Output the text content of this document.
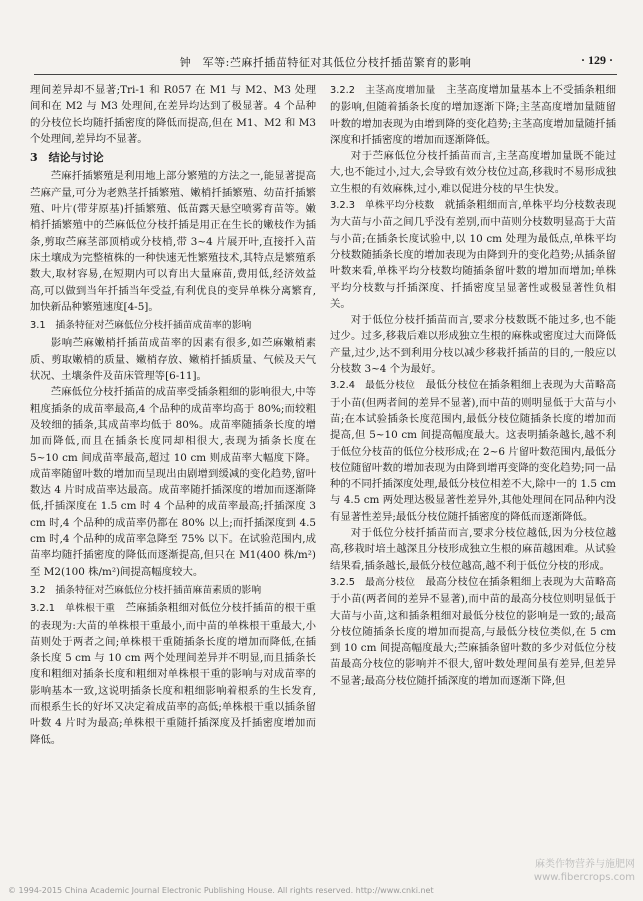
钟　军等:苎麻扦插苗特征对其低位分枝扦插苗繁育的影响	· 129 ·

理间差异却不显著;Tri-1 和 R057 在 M1 与 M2、M3 处理间和在 M2 与 M3 处理间,在差异均达到了极显著。4 个品种的分枝位长均随扦插密度的降低而提高,但在 M1、M2 和 M3 个处理间,差异均不显著。

3　结论与讨论

苎麻扦插繁殖是利用地上部分繁殖的方法之一,能显著提高苎麻产量,可分为老熟茎扦插繁殖、嫩梢扦插繁殖、幼苗扦插繁殖、叶片(带芽原基)扦插繁殖、低苗露天悬空喷雾育苗等。嫩梢扦插繁殖中的苎麻低位分枝扦插是用正在生长的嫩枝作为插条,剪取苎麻茎部顶梢或分枝梢,带 3~4 片展开叶,直接扦入苗床土壤成为完整植株的一种快速无性繁殖技术,其特点是繁殖系数大,取材容易,在短期内可以育出大量麻苗,费用低,经济效益高,可以做到当年扦插当年受益,有利优良的变异单株分离繁育,加快新品种繁殖速度[4-5]。

3.1　插条特征对苎麻低位分枝扦插苗成苗率的影响

影响苎麻嫩梢扦插苗成苗率的因素有很多,如苎麻嫩梢素质、剪取嫩梢的质量、嫩梢存放、嫩梢扦插质量、气候及天气状况、土壤条件及苗床管理等[6-11]。

苎麻低位分枝扦插苗的成苗率受插条粗细的影响很大,中等粗度插条的成苗率最高,4 个品种的成苗率均高于 80%;而较粗及较细的插条,其成苗率均低于 80%。成苗率随插条长度的增加而降低,而且在插条长度同却相很大,表现为插条长度在 5~10 cm 间成苗率最高,超过 10 cm 则成苗率大幅度下降。成苗率随留叶数的增加而呈现出由剧增到缓减的变化趋势,留叶数达 4 片时成苗率达最高。成苗率随扦插深度的增加而逐渐降低,扦插深度在 1.5 cm 时 4 个品种的成苗率最高;扦插深度 3 cm 时,4 个品种的成苗率仍都在 80% 以上;而扦插深度到 4.5 cm 时,4 个品种的成苗率急降至 75% 以下。在试验范围内,成苗率均随扦插密度的降低而逐渐提高,但只在 M1(400 株/m²)至 M2(100 株/m²)间提高幅度较大。

3.2　插条特征对苎麻低位分枝扦插苗麻苗素质的影响

3.2.1　单株根干重　 苎麻插条粗细对低位分枝扦插苗的根干重的表现为:大苗的单株根干重最小,而中苗的单株根干重最大,小苗则处于两者之间;单株根干重随插条长度的增加而降低,在插条长度 5 cm 与 10 cm 两个处理间差异并不明显,而且插条长度和粗细对插条长度和粗细对单株根干重的影响与对成苗率的影响基本一致,这说明插条长度和粗细影响着根系的生长发育,而根系生长的好坏又决定着成苗率的高低;单株根干重以插条留叶数 4 片时为最高;单株根干重随扦插深度及扦插密度增加而降低。

3.2.2　主茎高度增加量　 主茎高度增加量基本上不受插条粗细的影响,但随着插条长度的增加逐渐下降;主茎高度增加量随留叶数的增加表现为由增到降的变化趋势;主茎高度增加量随扦插深度和扦插密度的增加而逐渐降低。

对于苎麻低位分枝扦插苗而言,主茎高度增加量既不能过大,也不能过小,过大,会导致有效分枝位过高,移栽时不易形成独立生根的有效麻株,过小,难以促进分枝的早生快发。

3.2.3　单株平均分枝数　 就插条粗细而言,单株平均分枝数表现为大苗与小苗之间几乎没有差别,而中苗则分枝数明显高于大苗与小苗;在插条长度试验中,以 10 cm 处理为最低点,单株平均分枝数随插条长度的增加表现为由降到升的变化趋势;从插条留叶数来看,单株平均分枝数均随插条留叶数的增加而增加;单株平均分枝数与扦插深度、扦插密度呈显著性或极显著性负相关。

对于低位分枝扦插苗而言,要求分枝数既不能过多,也不能过少。过多,移栽后难以形成独立生根的麻株或密度过大而降低产量,过少,达不到利用分枝以减少移栽扦插苗的目的,一般应以分枝数 3~4 个为最好。

3.2.4　最低分枝位　 最低分枝位在插条粗细上表现为大苗略高于小苗(但两者间的差异不显著),而中苗的则明显低于大苗与小苗;在本试验插条长度范围内,最低分枝位随插条长度的增加而提高,但 5~10 cm 间提高幅度最大。这表明插条越长,越不利于低位分枝苗的低位分枝形成;在 2~6 片留叶数范围内,最低分枝位随留叶数的增加表现为由降到增再变降的变化趋势;同一品种的不同扦插深度处理,最低分枝位相差不大,除中一的 1.5 cm 与 4.5 cm 两处理达极显著性差异外,其他处理间在同品种内没有显著性差异;最低分枝位随扦插密度的降低而逐渐降低。

对于低位分枝扦插苗而言,要求分枝位越低,因为分枝位越高,移栽时培土越深且分枝形成独立生根的麻苗越困难。从试验结果看,插条越长,最低分枝位越高,越不利于低位分枝的形成。

3.2.5　最高分枝位　 最高分枝位在插条粗细上表现为大苗略高于小苗(两者间的差异不显著),而中苗的最高分枝位则明显低于大苗与小苗,这和插条粗细对最低分枝位的影响是一致的;最高分枝位随插条长度的增加而提高,与最低分枝位类似,在 5 cm 到 10 cm 间提高幅度最大;苎麻插条留叶数的多少对低位分枝苗最高分枝位的影响并不很大,留叶数处理间虽有差异,但差异不显著;最高分枝位随扦插深度的增加而逐渐下降,但

麻类作物营养与施肥网
www.fibercrops.com
© 1994-2015 China Academic Journal Electronic Publishing House. All rights reserved. http://www.cnki.net
